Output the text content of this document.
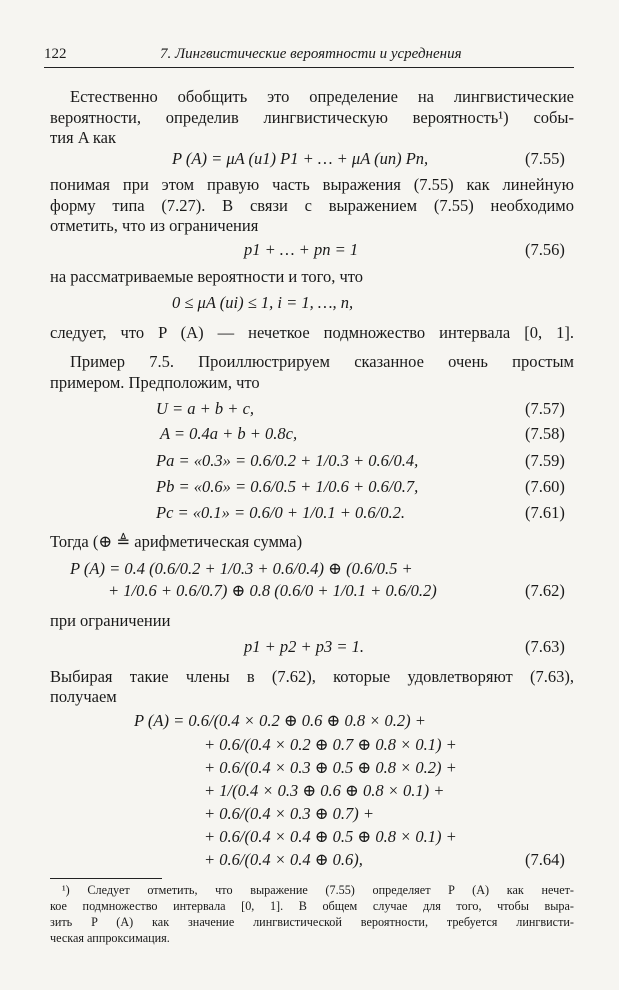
122	7. Лингвистические вероятности и усреднения
Естественно обобщить это определение на лингвистические
вероятности, определив лингвистическую вероятность¹) собы-
тия A как
P (A) = μA (u1) P1 + … + μA (un) Pn,	(7.55)
понимая при этом правую часть выражения (7.55) как линейную
форму типа (7.27). В связи с выражением (7.55) необходимо
отметить, что из ограничения
p1 + … + pn = 1	(7.56)
на рассматриваемые вероятности и того, что
0 ≤ μA (ui) ≤ 1, i = 1, …, n,
следует, что P (A) — нечеткое подмножество интервала [0, 1].
Пример 7.5. Проиллюстрируем сказанное очень простым
примером. Предположим, что
U = a + b + c,	(7.57)
A = 0.4a + b + 0.8c,	(7.58)
Pa = «0.3» = 0.6/0.2 + 1/0.3 + 0.6/0.4,	(7.59)
Pb = «0.6» = 0.6/0.5 + 1/0.6 + 0.6/0.7,	(7.60)
Pc = «0.1» = 0.6/0 + 1/0.1 + 0.6/0.2.	(7.61)
Тогда (⊕ ≜ арифметическая сумма)
P (A) = 0.4 (0.6/0.2 + 1/0.3 + 0.6/0.4) ⊕ (0.6/0.5 +
+ 1/0.6 + 0.6/0.7) ⊕ 0.8 (0.6/0 + 1/0.1 + 0.6/0.2)	(7.62)
при ограничении
p1 + p2 + p3 = 1.	(7.63)
Выбирая такие члены в (7.62), которые удовлетворяют (7.63),
получаем
P (A) = 0.6/(0.4 × 0.2 ⊕ 0.6 ⊕ 0.8 × 0.2) +
+ 0.6/(0.4 × 0.2 ⊕ 0.7 ⊕ 0.8 × 0.1) +
+ 0.6/(0.4 × 0.3 ⊕ 0.5 ⊕ 0.8 × 0.2) +
+ 1/(0.4 × 0.3 ⊕ 0.6 ⊕ 0.8 × 0.1) +
+ 0.6/(0.4 × 0.3 ⊕ 0.7) +
+ 0.6/(0.4 × 0.4 ⊕ 0.5 ⊕ 0.8 × 0.1) +
+ 0.6/(0.4 × 0.4 ⊕ 0.6),	(7.64)
¹) Следует отметить, что выражение (7.55) определяет P (A) как нечет-
кое подмножество интервала [0, 1]. В общем случае для того, чтобы выра-
зить P (A) как значение лингвистической вероятности, требуется лингвисти-
ческая аппроксимация.
